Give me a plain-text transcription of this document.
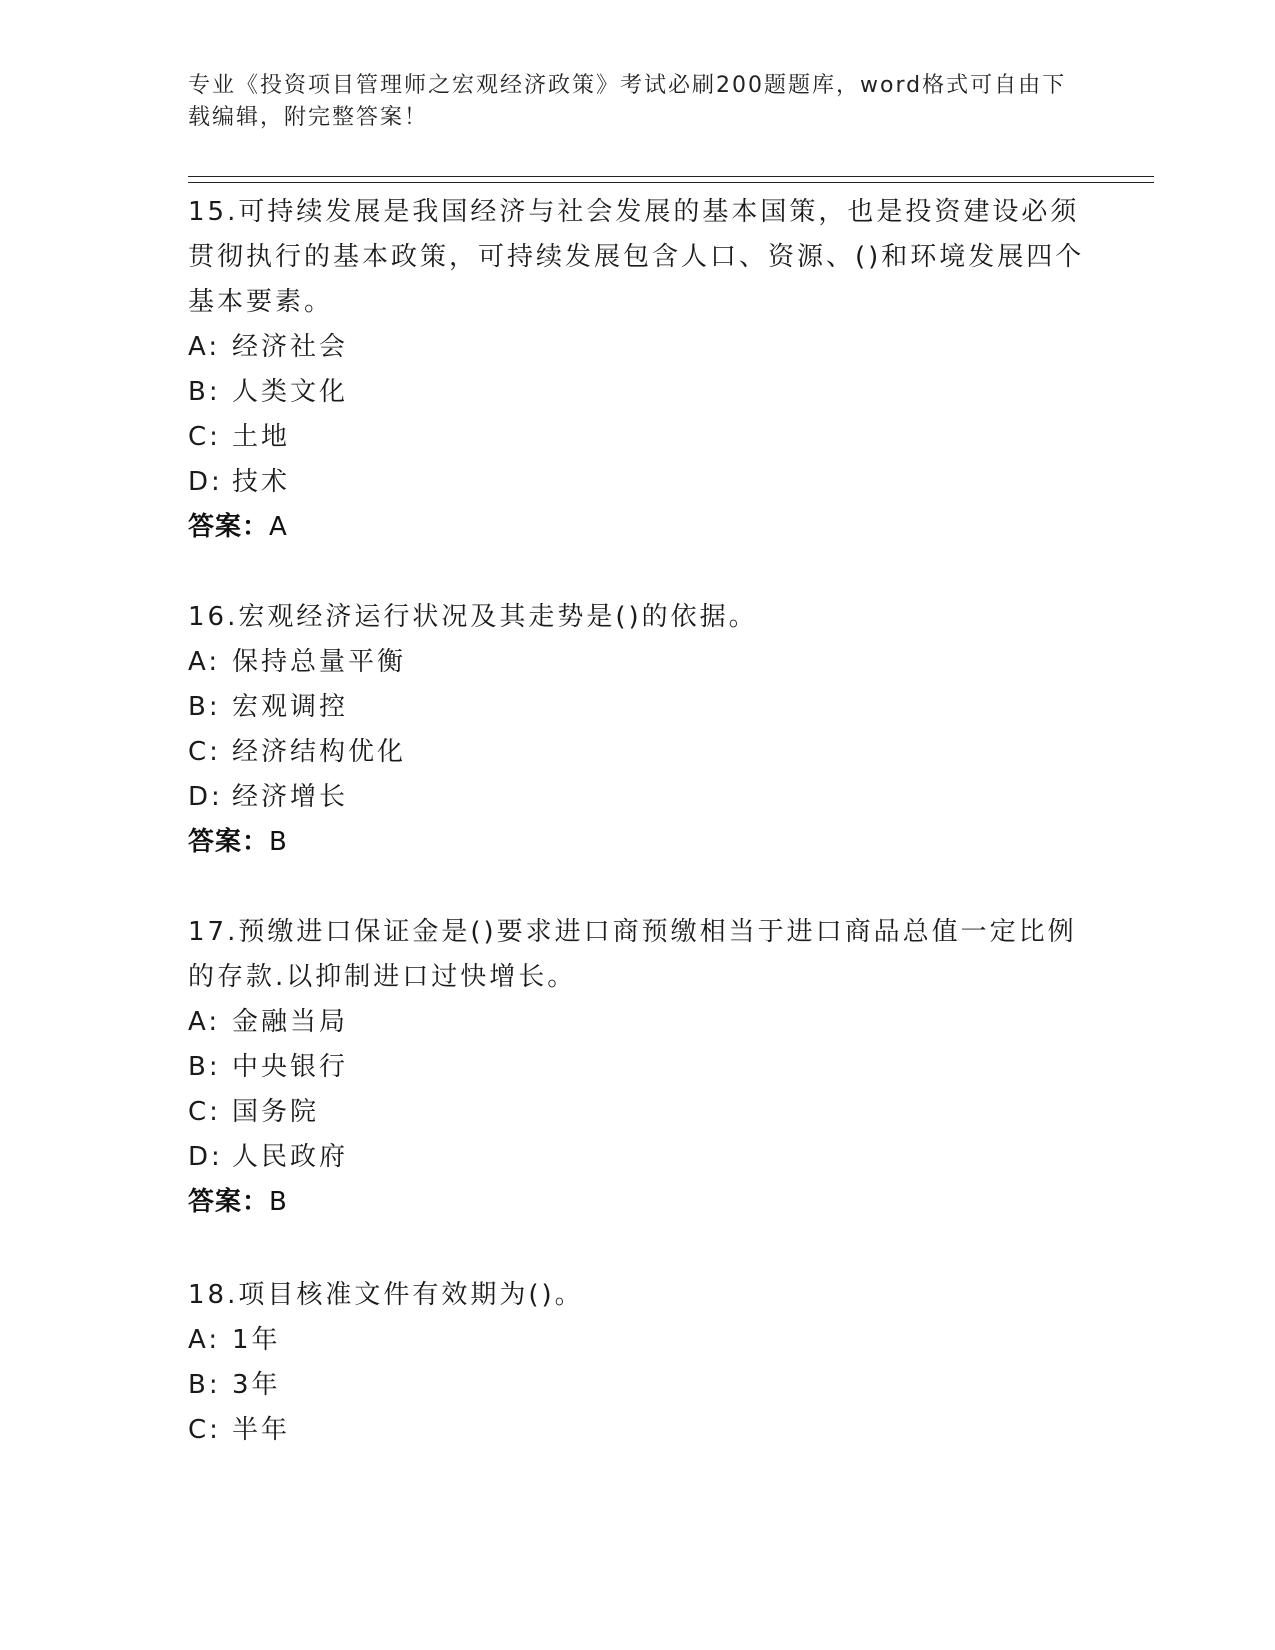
专业《投资项目管理师之宏观经济政策》考试必刷200题题库，word格式可自由下载编辑，附完整答案！

15.可持续发展是我国经济与社会发展的基本国策，也是投资建设必须贯彻执行的基本政策，可持续发展包含人口、资源、()和环境发展四个基本要素。

A: 经济社会

B: 人类文化

C: 土地

D: 技术

答案：A

16.宏观经济运行状况及其走势是()的依据。

A: 保持总量平衡

B: 宏观调控

C: 经济结构优化

D: 经济增长

答案：B

17.预缴进口保证金是()要求进口商预缴相当于进口商品总值一定比例的存款.以抑制进口过快增长。

A: 金融当局

B: 中央银行

C: 国务院

D: 人民政府

答案：B

18.项目核准文件有效期为()。

A: 1年

B: 3年

C: 半年
